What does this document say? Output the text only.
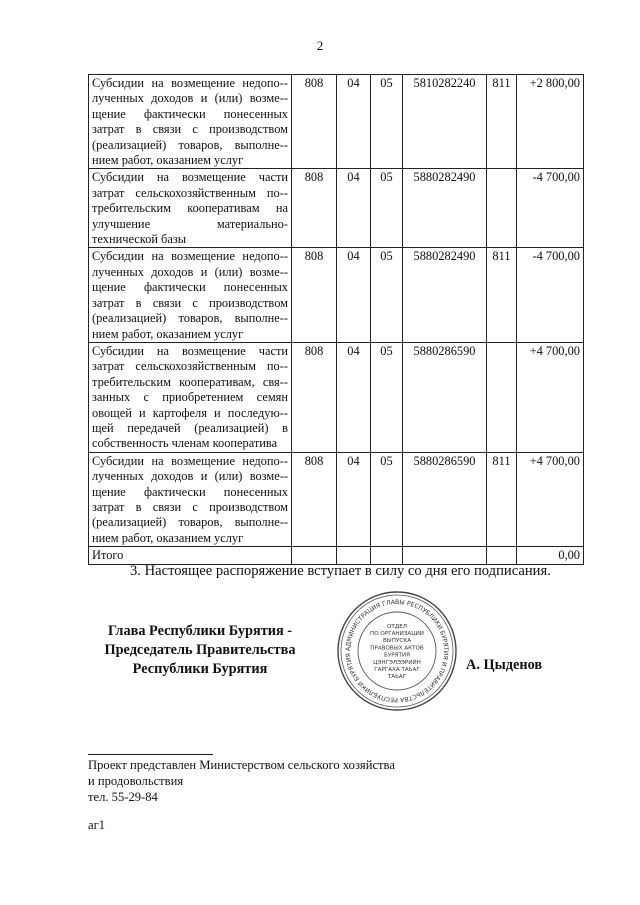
2
Субсидии на возмещение недопо-лученных доходов и (или) возме-щение фактически понесенных затрат в связи с производством (реализацией) товаров, выполне-нием работ, оказанием услуг	808	04	05	5810282240	811	+2 800,00
Субсидии на возмещение части затрат сельскохозяйственным по-требительским кооперативам на улучшение материально-технической базы	808	04	05	5880282490		-4 700,00
Субсидии на возмещение недопо-лученных доходов и (или) возме-щение фактически понесенных затрат в связи с производством (реализацией) товаров, выполне-нием работ, оказанием услуг	808	04	05	5880282490	811	-4 700,00
Субсидии на возмещение части затрат сельскохозяйственным по-требительским кооперативам, свя-занных с приобретением семян овощей и картофеля и последую-щей передачей (реализацией) в собственность членам кооператива	808	04	05	5880286590		+4 700,00
Субсидии на возмещение недопо-лученных доходов и (или) возме-щение фактически понесенных затрат в связи с производством (реализацией) товаров, выполне-нием работ, оказанием услуг	808	04	05	5880286590	811	+4 700,00
Итого						0,00
3. Настоящее распоряжение вступает в силу со дня его подписания.
Глава Республики Бурятия -
Председатель Правительства
Республики Бурятия
АДМИНИСТРАЦИЯ ГЛАВЫ РЕСПУБЛИКИ БУРЯТИЯ И ПРАВИТЕЛЬСТВА РЕСПУБЛИКИ БУРЯТИЯ
ОТДЕЛ
ПО ОРГАНИЗАЦИИ
ВЫПУСКА
ПРАВОВЫХ АКТОВ
БУРЯТИЯ
ЦЭНГЭЛЭЭРИЙН
ГАРГАХА ТАЬАГ
ТАЬАГ
А. Цыденов
Проект представлен Министерством сельского хозяйства
и продовольствия
тел. 55-29-84
аг1
